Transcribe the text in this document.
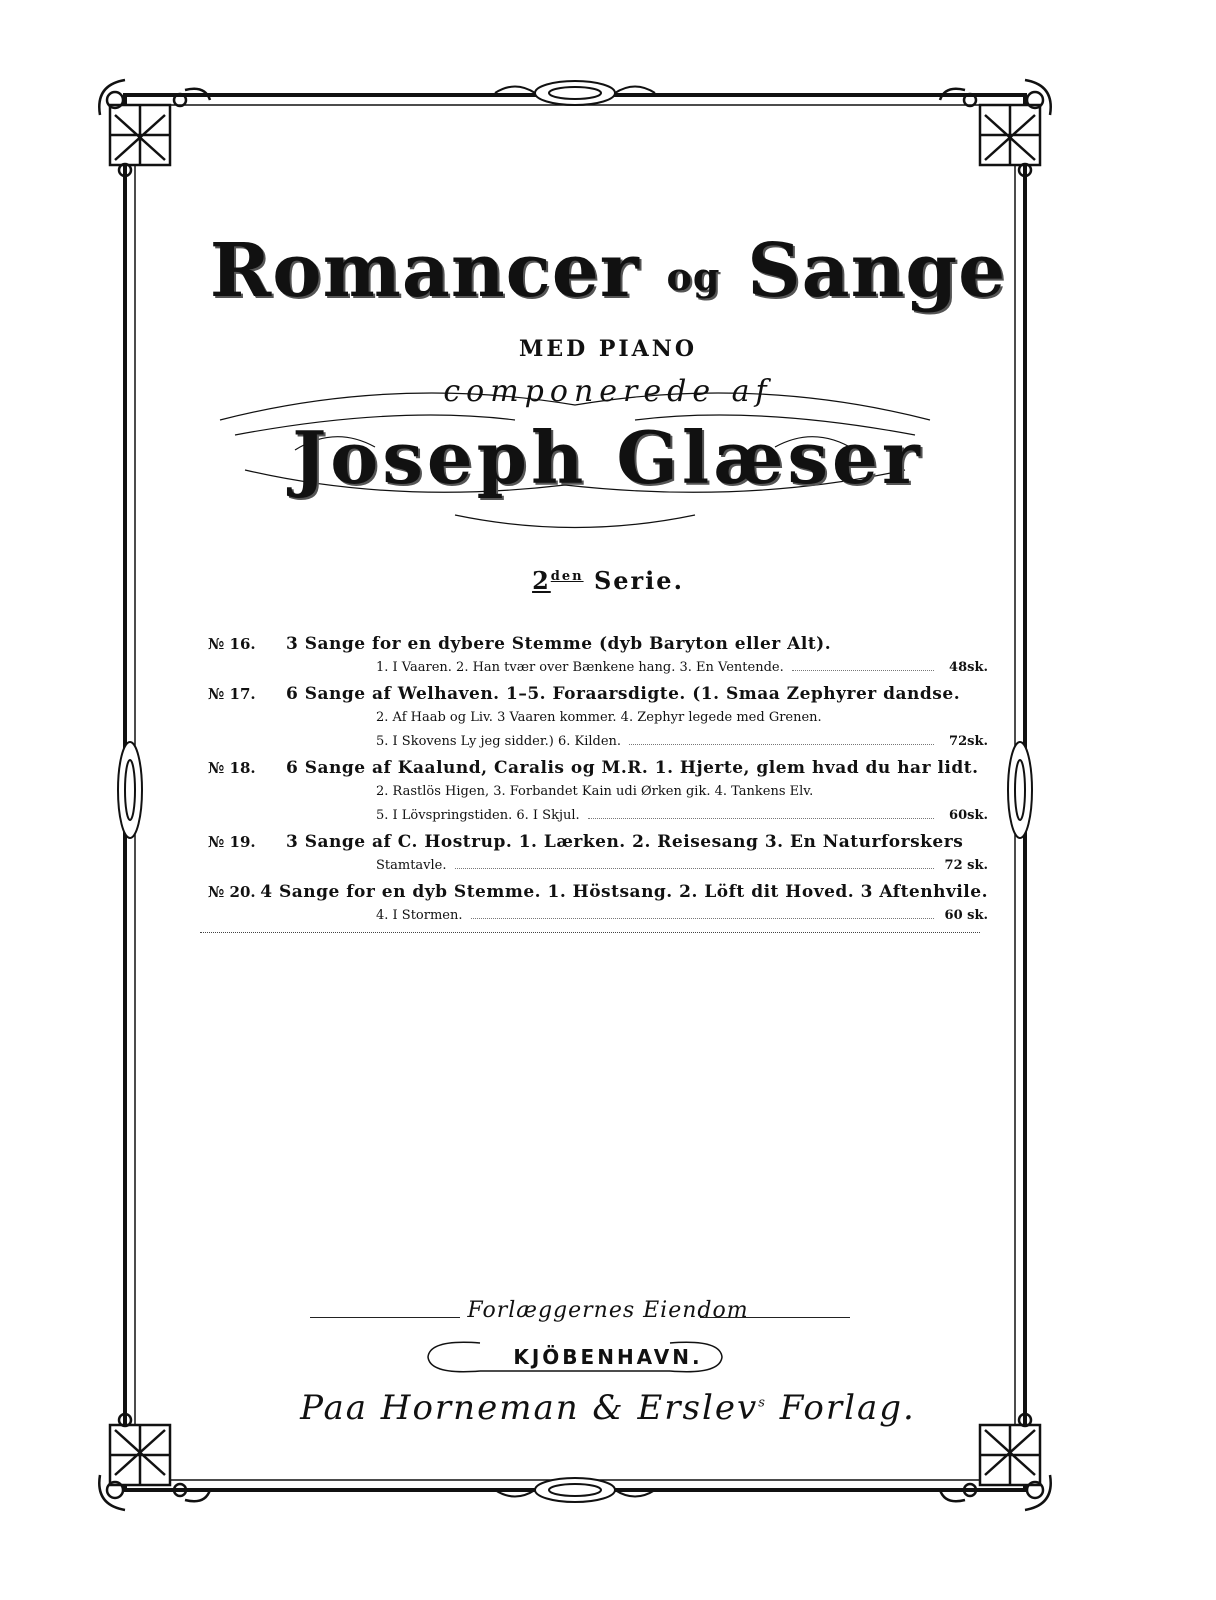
Romancer og Sange
MED PIANO
componerede af
Joseph Glæser
$2^{den}$ Serie.
№ 16.	3 Sange for en dybere Stemme (dyb Baryton eller Alt).
1. I Vaaren. 2. Han tvær over Bænkene hang. 3. En Ventende.	48sk.
№ 17.	6 Sange af Welhaven. 1–5. Foraarsdigte. (1. Smaa Zephyrer dandse.
2. Af Haab og Liv. 3 Vaaren kommer. 4. Zephyr legede med Grenen.
5. I Skovens Ly jeg sidder.) 6. Kilden.	72sk.
№ 18.	6 Sange af Kaalund, Caralis og M.R. 1. Hjerte, glem hvad du har lidt.
2. Rastlös Higen, 3. Forbandet Kain udi Ørken gik. 4. Tankens Elv.
5. I Lövspringstiden. 6. I Skjul.	60sk.
№ 19.	3 Sange af C. Hostrup. 1. Lærken. 2. Reisesang 3. En Naturforskers
Stamtavle.	72 sk.
№ 20. 4 Sange for en dyb Stemme. 1. Höstsang. 2. Löft dit Hoved. 3 Aftenhvile.
4. I Stormen.	60 sk.
Forlæggernes Eiendom
KJÖBENHAVN.
Paa Horneman & Erslev$^s$ Forlag.
